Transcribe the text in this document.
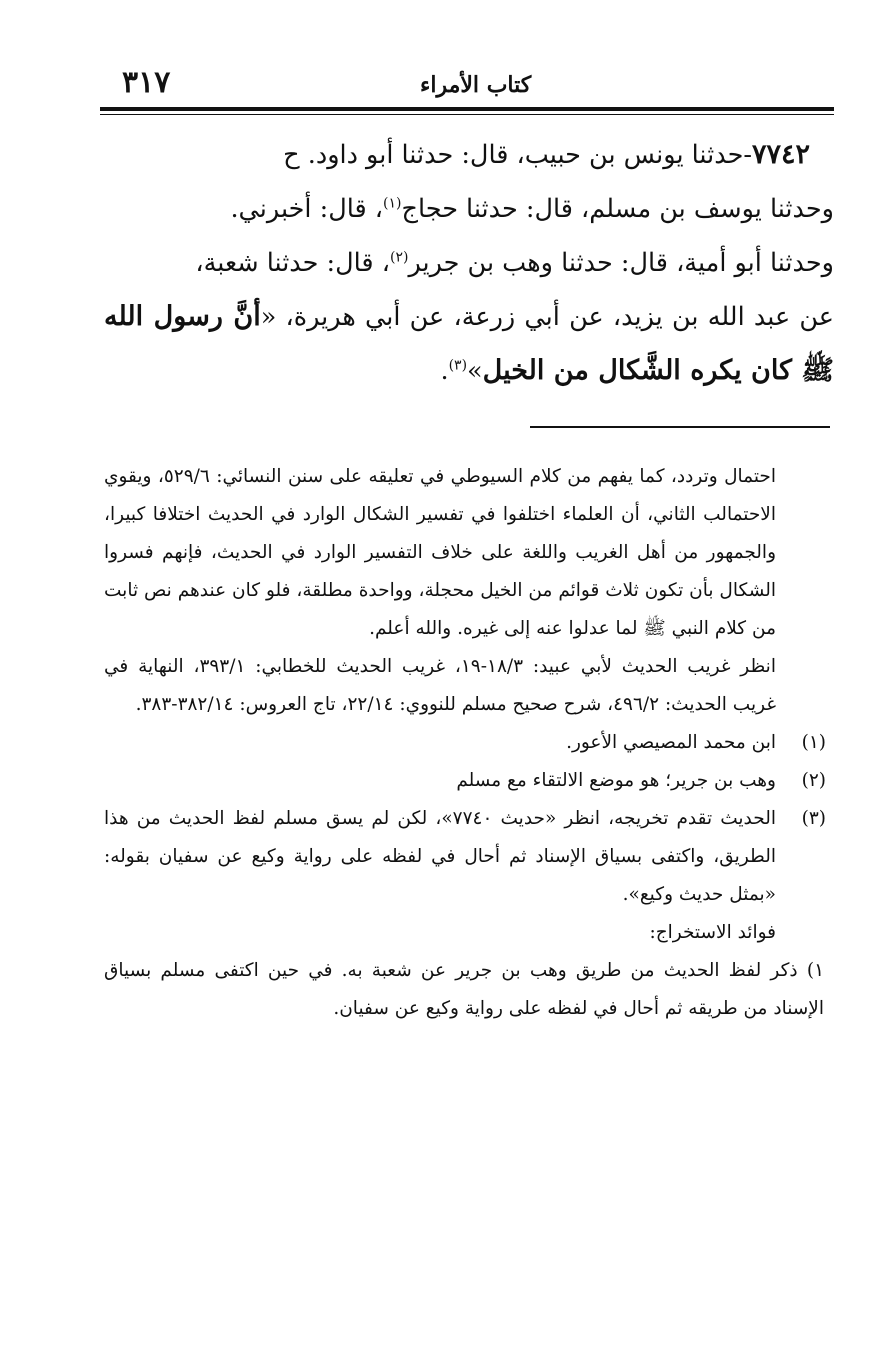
٣١٧	كتاب الأمراء

٧٧٤٢-حدثنا يونس بن حبيب، قال: حدثنا أبو داود. ح

وحدثنا يوسف بن مسلم، قال: حدثنا حجاج$^{(١)}$، قال: أخبرني.

وحدثنا أبو أمية، قال: حدثنا وهب بن جرير$^{(٢)}$، قال: حدثنا شعبة،

عن عبد الله بن يزيد، عن أبي زرعة، عن أبي هريرة، «أنَّ رسول الله ﷺ كان يكره الشَّكال من الخيل»$^{(٣)}$.

احتمال وتردد، كما يفهم من كلام السيوطي في تعليقه على سنن النسائي: ٥٢٩/٦، ويقوي الاحتمالب الثاني، أن العلماء اختلفوا في تفسير الشكال الوارد في الحديث اختلافا كبيرا، والجمهور من أهل الغريب واللغة على خلاف التفسير الوارد في الحديث، فإنهم فسروا الشكال بأن تكون ثلاث قوائم من الخيل محجلة، وواحدة مطلقة، فلو كان عندهم نص ثابت من كلام النبي ﷺ لما عدلوا عنه إلى غيره. والله أعلم.

انظر غريب الحديث لأبي عبيد: ١٨/٣-١٩، غريب الحديث للخطابي: ٣٩٣/١، النهاية في غريب الحديث: ٤٩٦/٢، شرح صحيح مسلم للنووي: ٢٢/١٤، تاج العروس: ٣٨٢/١٤-٣٨٣.

(١)
ابن محمد المصيصي الأعور.
(٢)
وهب بن جرير؛ هو موضع الالتقاء مع مسلم
(٣)
الحديث تقدم تخريجه، انظر «حديث ٧٧٤٠»، لكن لم يسق مسلم لفظ الحديث من هذا الطريق، واكتفى بسياق الإسناد ثم أحال في لفظه على رواية وكيع عن سفيان بقوله: «بمثل حديث وكيع».

فوائد الاستخراج:

١) ذكر لفظ الحديث من طريق وهب بن جرير عن شعبة به. في حين اكتفى مسلم بسياق الإسناد من طريقه ثم أحال في لفظه على رواية وكيع عن سفيان.
